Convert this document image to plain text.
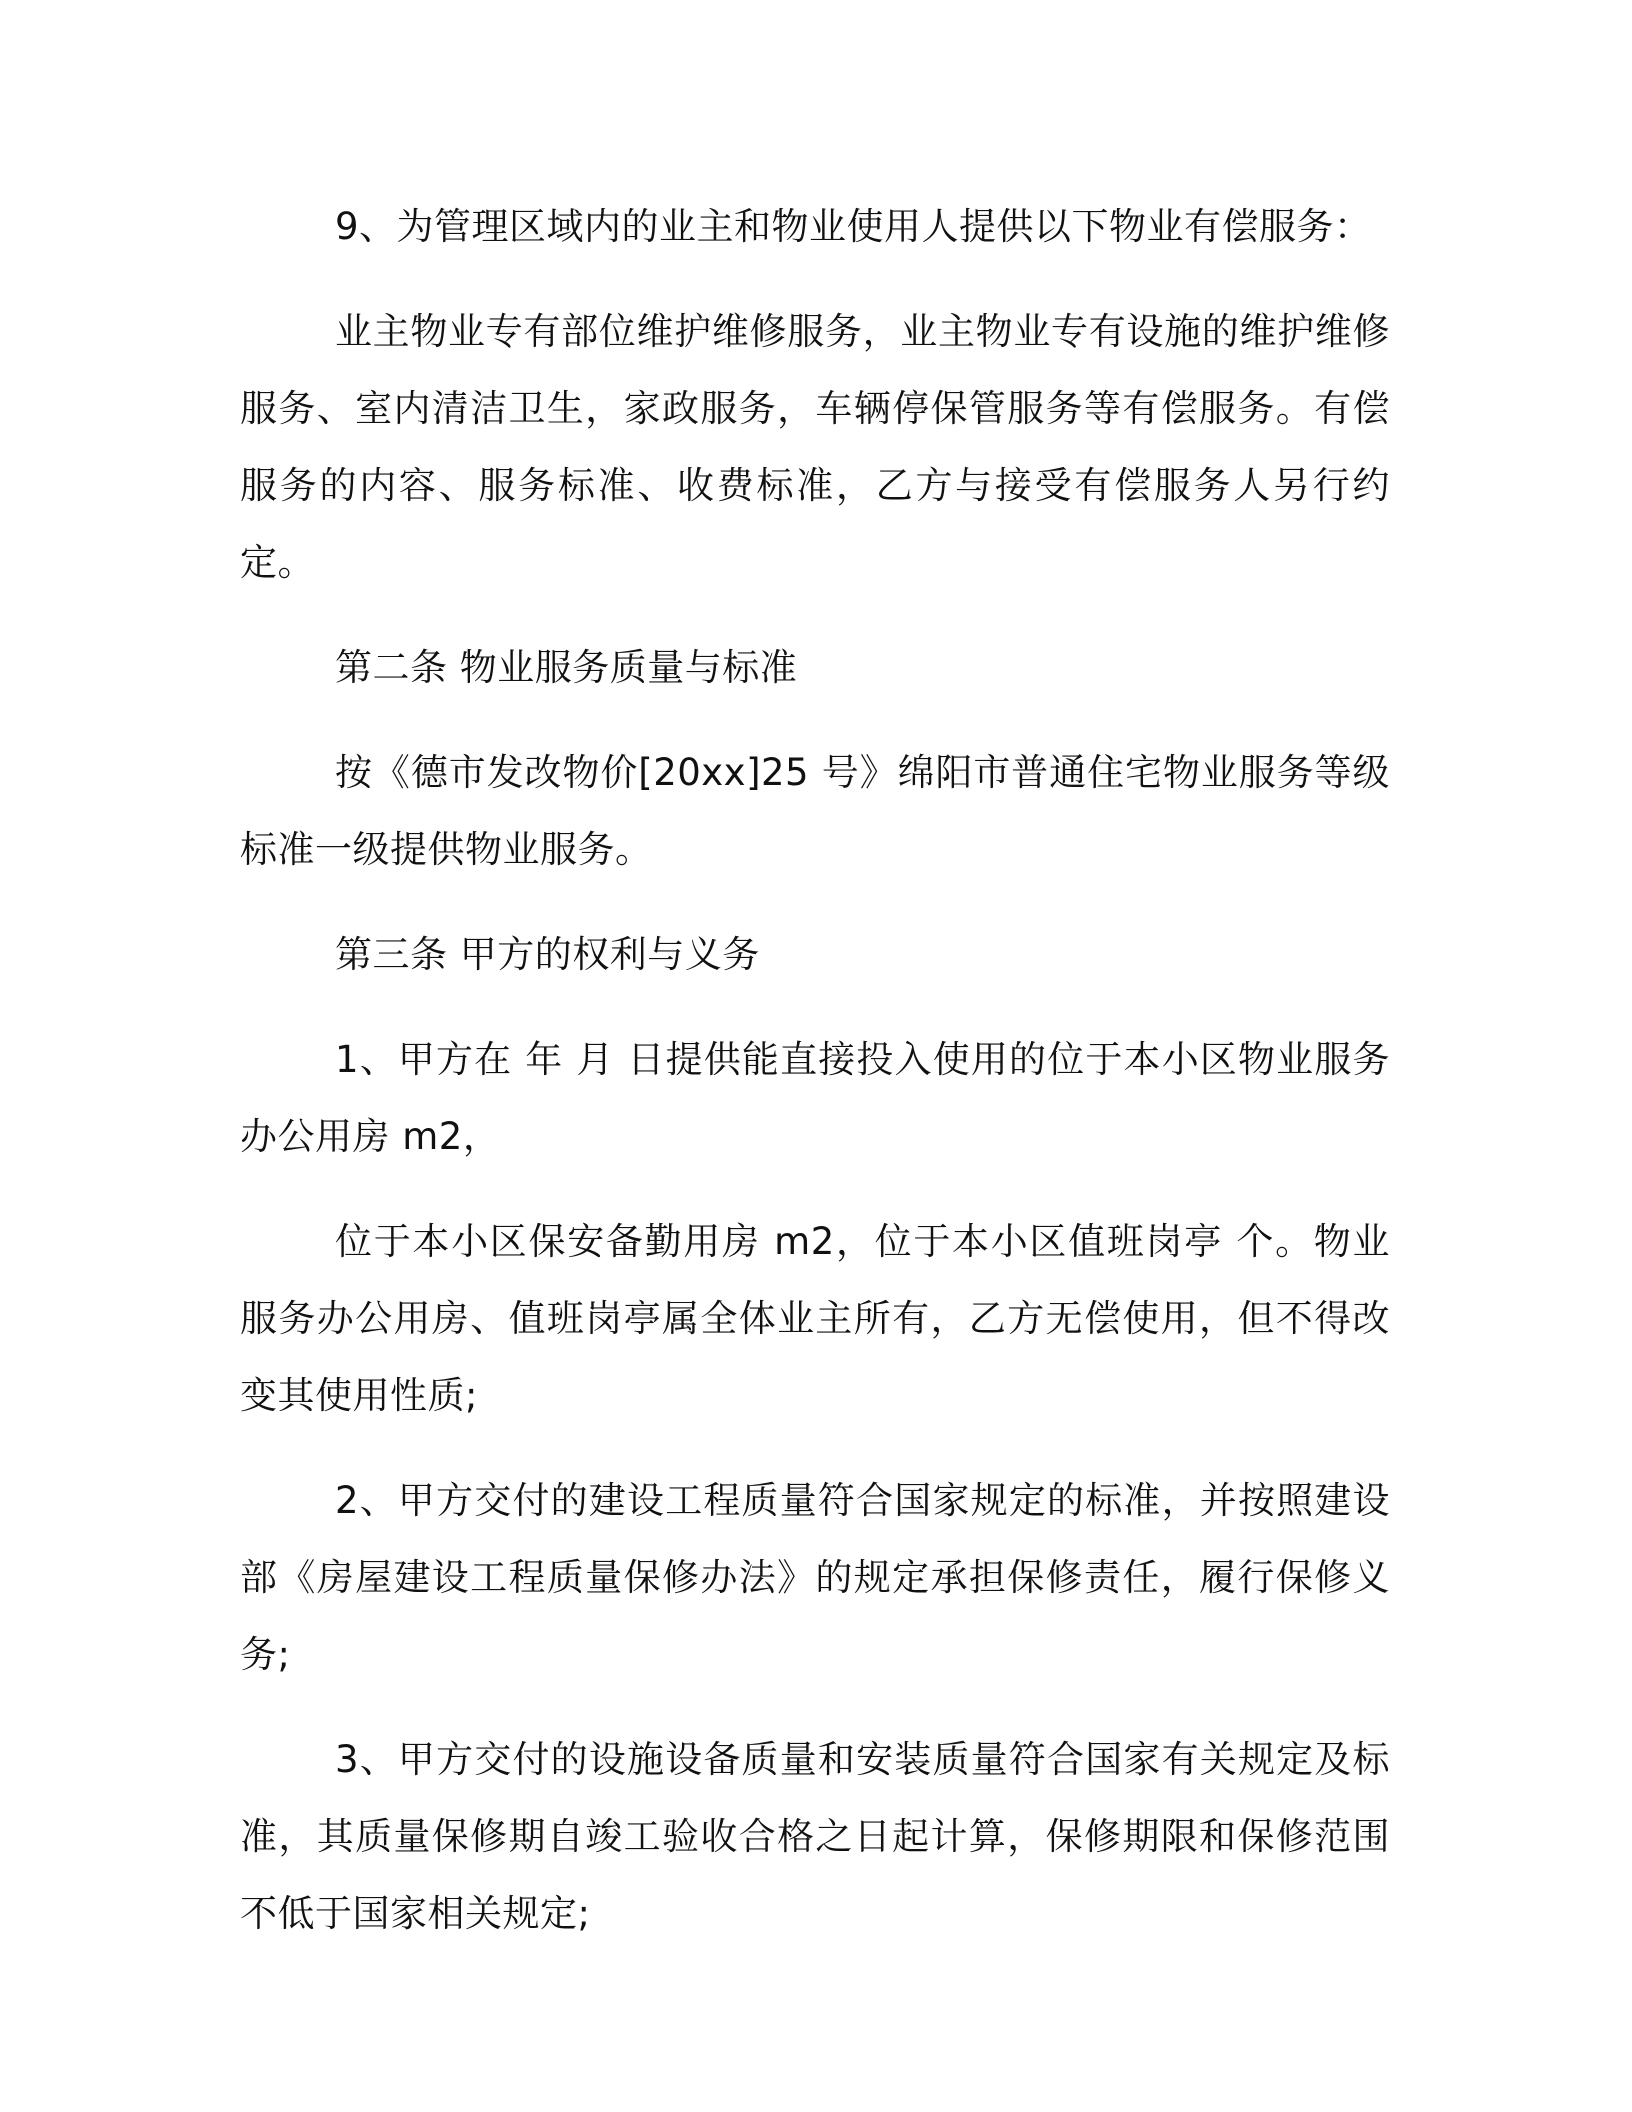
9、为管理区域内的业主和物业使用人提供以下物业有偿服务：

业主物业专有部位维护维修服务，业主物业专有设施的维护维修服务、室内清洁卫生，家政服务，车辆停保管服务等有偿服务。有偿服务的内容、服务标准、收费标准，乙方与接受有偿服务人另行约定。

第二条 物业服务质量与标准

按《德市发改物价[20xx]25 号》绵阳市普通住宅物业服务等级标准一级提供物业服务。

第三条 甲方的权利与义务

1、甲方在 年 月 日提供能直接投入使用的位于本小区物业服务办公用房 m2，

位于本小区保安备勤用房 m2，位于本小区值班岗亭 个。物业服务办公用房、值班岗亭属全体业主所有，乙方无偿使用，但不得改变其使用性质;

2、甲方交付的建设工程质量符合国家规定的标准，并按照建设部《房屋建设工程质量保修办法》的规定承担保修责任，履行保修义务;

3、甲方交付的设施设备质量和安装质量符合国家有关规定及标准，其质量保修期自竣工验收合格之日起计算，保修期限和保修范围不低于国家相关规定;
